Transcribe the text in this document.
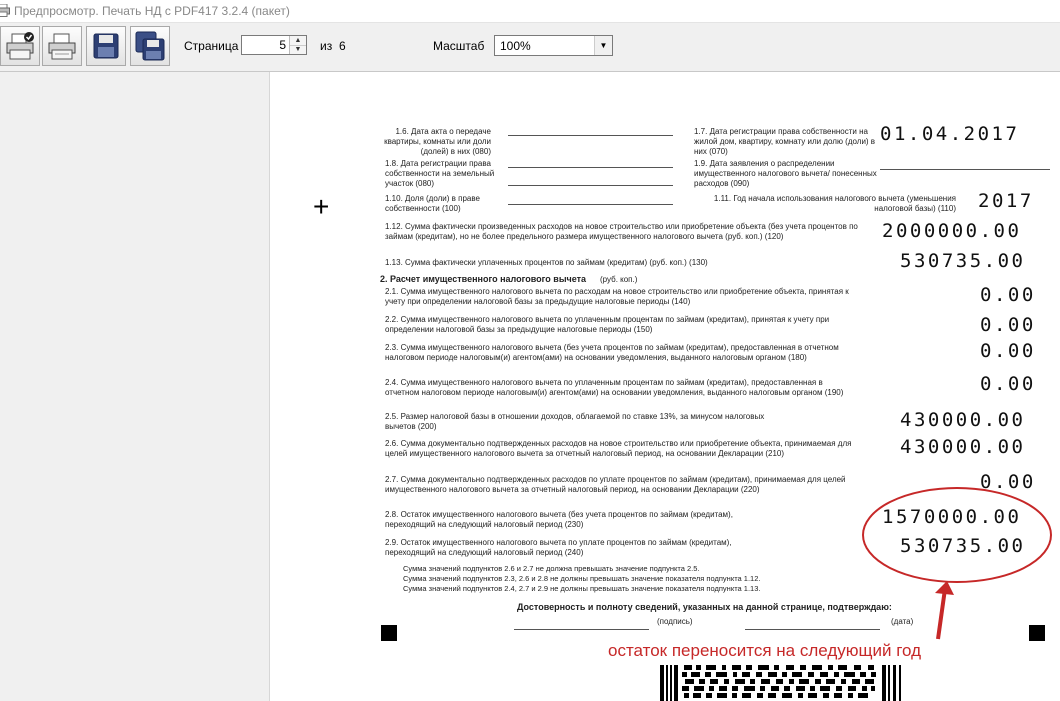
Предпросмотр. Печать НД с PDF417 3.2.4 (пакет)
Страница	5	▲
▼	из 6	Масштаб 100%	▼
1.6. Дата акта о передаче квартиры, комнаты или доли (долей) в них (080)
1.7. Дата регистрации права собственности на жилой дом, квартиру, комнату или долю (доли) в них (070)
01.04.2017
1.8. Дата регистрации права собственности на земельный участок (080)
1.9. Дата заявления о распределении имущественного налогового вычета/ понесенных расходов (090)
1.10. Доля (доли) в праве собственности (100)
1.11. Год начала использования налогового вычета (уменьшения налоговой базы) (110) 2017
1.12. Сумма фактически произведенных расходов на новое строительство или приобретение объекта (без учета процентов по займам (кредитам), но не более предельного размера имущественного налогового вычета (руб. коп.) (120)	2000000.00
1.13. Сумма фактически уплаченных процентов по займам (кредитам) (руб. коп.) (130)	530735.00
2. Расчет имущественного налогового вычета (руб. коп.)
2.1. Сумма имущественного налогового вычета по расходам на новое строительство или приобретение объекта, принятая к учету при определении налоговой базы за предыдущие налоговые периоды (140)	0.00
2.2. Сумма имущественного налогового вычета по уплаченным процентам по займам (кредитам), принятая к учету при определении налоговой базы за предыдущие налоговые периоды (150)	0.00
2.3. Сумма имущественного налогового вычета (без учета процентов по займам (кредитам), предоставленная в отчетном налоговом периоде налоговым(и) агентом(ами) на основании уведомления, выданного налоговым органом (180)	0.00
2.4. Сумма имущественного налогового вычета по уплаченным процентам по займам (кредитам), предоставленная в отчетном налоговом периоде налоговым(и) агентом(ами) на основании уведомления, выданного налоговым органом (190)	0.00
2.5. Размер налоговой базы в отношении доходов, облагаемой по ставке 13%, за минусом налоговых вычетов (200)	430000.00
2.6. Сумма документально подтвержденных расходов на новое строительство или приобретение объекта, принимаемая для целей имущественного налогового вычета за отчетный налоговый период, на основании Декларации (210)	430000.00
2.7. Сумма документально подтвержденных расходов по уплате процентов по займам (кредитам), принимаемая для целей имущественного налогового вычета за отчетный налоговый период, на основании Декларации (220)	0.00
2.8. Остаток имущественного налогового вычета (без учета процентов по займам (кредитам), переходящий на следующий налоговый период (230)	1570000.00
2.9. Остаток имущественного налогового вычета по уплате процентов по займам (кредитам), переходящий на следующий налоговый период (240)	530735.00
Сумма значений подпунктов 2.6 и 2.7 не должна превышать значение подпункта 2.5.
Сумма значений подпунктов 2.3, 2.6 и 2.8 не должны превышать значение показателя подпункта 1.12.
Сумма значений подпунктов 2.4, 2.7 и 2.9 не должны превышать значение показателя подпункта 1.13.
Достоверность и полноту сведений, указанных на данной странице, подтверждаю:
(подпись)	(дата)
+
остаток переносится на следующий год
